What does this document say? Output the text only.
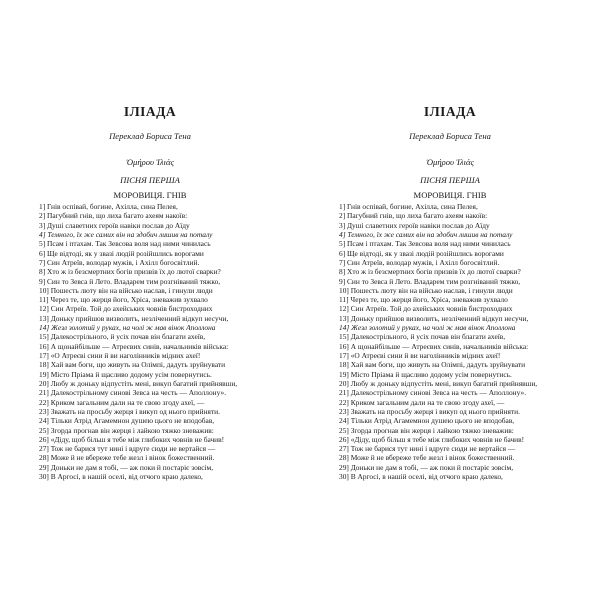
ІЛІАДА
Переклад Бориса Тена
Ὁμήρου Ἰλιάς
ПІСНЯ ПЕРША
МОРОВИЦЯ. ГНІВ
1] Гнів оспівай, богине, Ахілла, сина Пелея,
2] Пагубний гнів, що лиха багато ахеям накоїв:
3] Душі славетних героїв навіки послав до Аїду
4] Темного, їх же самих він на здобич лишив на поталу
5] Псам і птахам. Так Зевсова воля над ними чинилась
6] Ще відтоді, як у звазі людій розійшлись ворогами
7] Син Атреїв, володар мужів, і Ахілл богосвітлий.
8] Хто ж із безсмертних богів призвів їх до лютої сварки?
9] Син то Зевса й Лето. Владарем тим розгніваний тяжко,
10] Пошесть люту він на військо наслав, і гинули люди
11] Через те, що жерця його, Хріса, зневажив зухвало
12] Син Атреїв. Той до ахейських човнів бистроходних
13] Доньку прийшов визволить, незліченний відкуп несучи,
14] Жезл золотий у руках, на чолі ж мав вінок Аполлона
15] Далекострільного, й усіх почав він благати ахеїв,
16] А щонайбільше — Атреєвих синів, начальників війська:
17] «О Атреєві сини й ви наголінників мідних ахеї!
18] Хай вам боги, що живуть на Олімпі, дадуть зруйнувати
19] Місто Пріама й щасливо додому усім повернутись.
20] Любу ж доньку відпустіть мені, викуп багатий прийнявши,
21] Далекострільному синові Зевса на честь — Аполлону».
22] Криком загальним дали на те свою згоду ахеї, —
23] Зважать на просьбу жерця і викуп од нього прийняти.
24] Тільки Атрід Агамемнон душею цього не вподобав,
25] Згорда прогнав він жерця і лайкою тяжко зневажив:
26] «Діду, щоб більш я тебе між глибоких човнів не бачив!
27] Тож не барися тут нині і вдруге сюди не вертайся —
28] Може й не вбереже тебе жезл і вінок божественний.
29] Доньки не дам я тобі, — аж поки й постаріє зовсім,
30] В Аргосі, в нашій оселі, від отчого краю далеко,
ІЛІАДА
Переклад Бориса Тена
Ὁμήρου Ἰλιάς
ПІСНЯ ПЕРША
МОРОВИЦЯ. ГНІВ
1] Гнів оспівай, богине, Ахілла, сина Пелея,
2] Пагубний гнів, що лиха багато ахеям накоїв:
3] Душі славетних героїв навіки послав до Аїду
4] Темного, їх же самих він на здобич лишив на поталу
5] Псам і птахам. Так Зевсова воля над ними чинилась
6] Ще відтоді, як у звазі людій розійшлись ворогами
7] Син Атреїв, володар мужів, і Ахілл богосвітлий.
8] Хто ж із безсмертних богів призвів їх до лютої сварки?
9] Син то Зевса й Лето. Владарем тим розгніваний тяжко,
10] Пошесть люту він на військо наслав, і гинули люди
11] Через те, що жерця його, Хріса, зневажив зухвало
12] Син Атреїв. Той до ахейських човнів бистроходних
13] Доньку прийшов визволить, незліченний відкуп несучи,
14] Жезл золотий у руках, на чолі ж мав вінок Аполлона
15] Далекострільного, й усіх почав він благати ахеїв,
16] А щонайбільше — Атреєвих синів, начальників війська:
17] «О Атреєві сини й ви наголінників мідних ахеї!
18] Хай вам боги, що живуть на Олімпі, дадуть зруйнувати
19] Місто Пріама й щасливо додому усім повернутись.
20] Любу ж доньку відпустіть мені, викуп багатий прийнявши,
21] Далекострільному синові Зевса на честь — Аполлону».
22] Криком загальним дали на те свою згоду ахеї, —
23] Зважать на просьбу жерця і викуп од нього прийняти.
24] Тільки Атрід Агамемнон душею цього не вподобав,
25] Згорда прогнав він жерця і лайкою тяжко зневажив:
26] «Діду, щоб більш я тебе між глибоких човнів не бачив!
27] Тож не барися тут нині і вдруге сюди не вертайся —
28] Може й не вбереже тебе жезл і вінок божественний.
29] Доньки не дам я тобі, — аж поки й постаріє зовсім,
30] В Аргосі, в нашій оселі, від отчого краю далеко,
